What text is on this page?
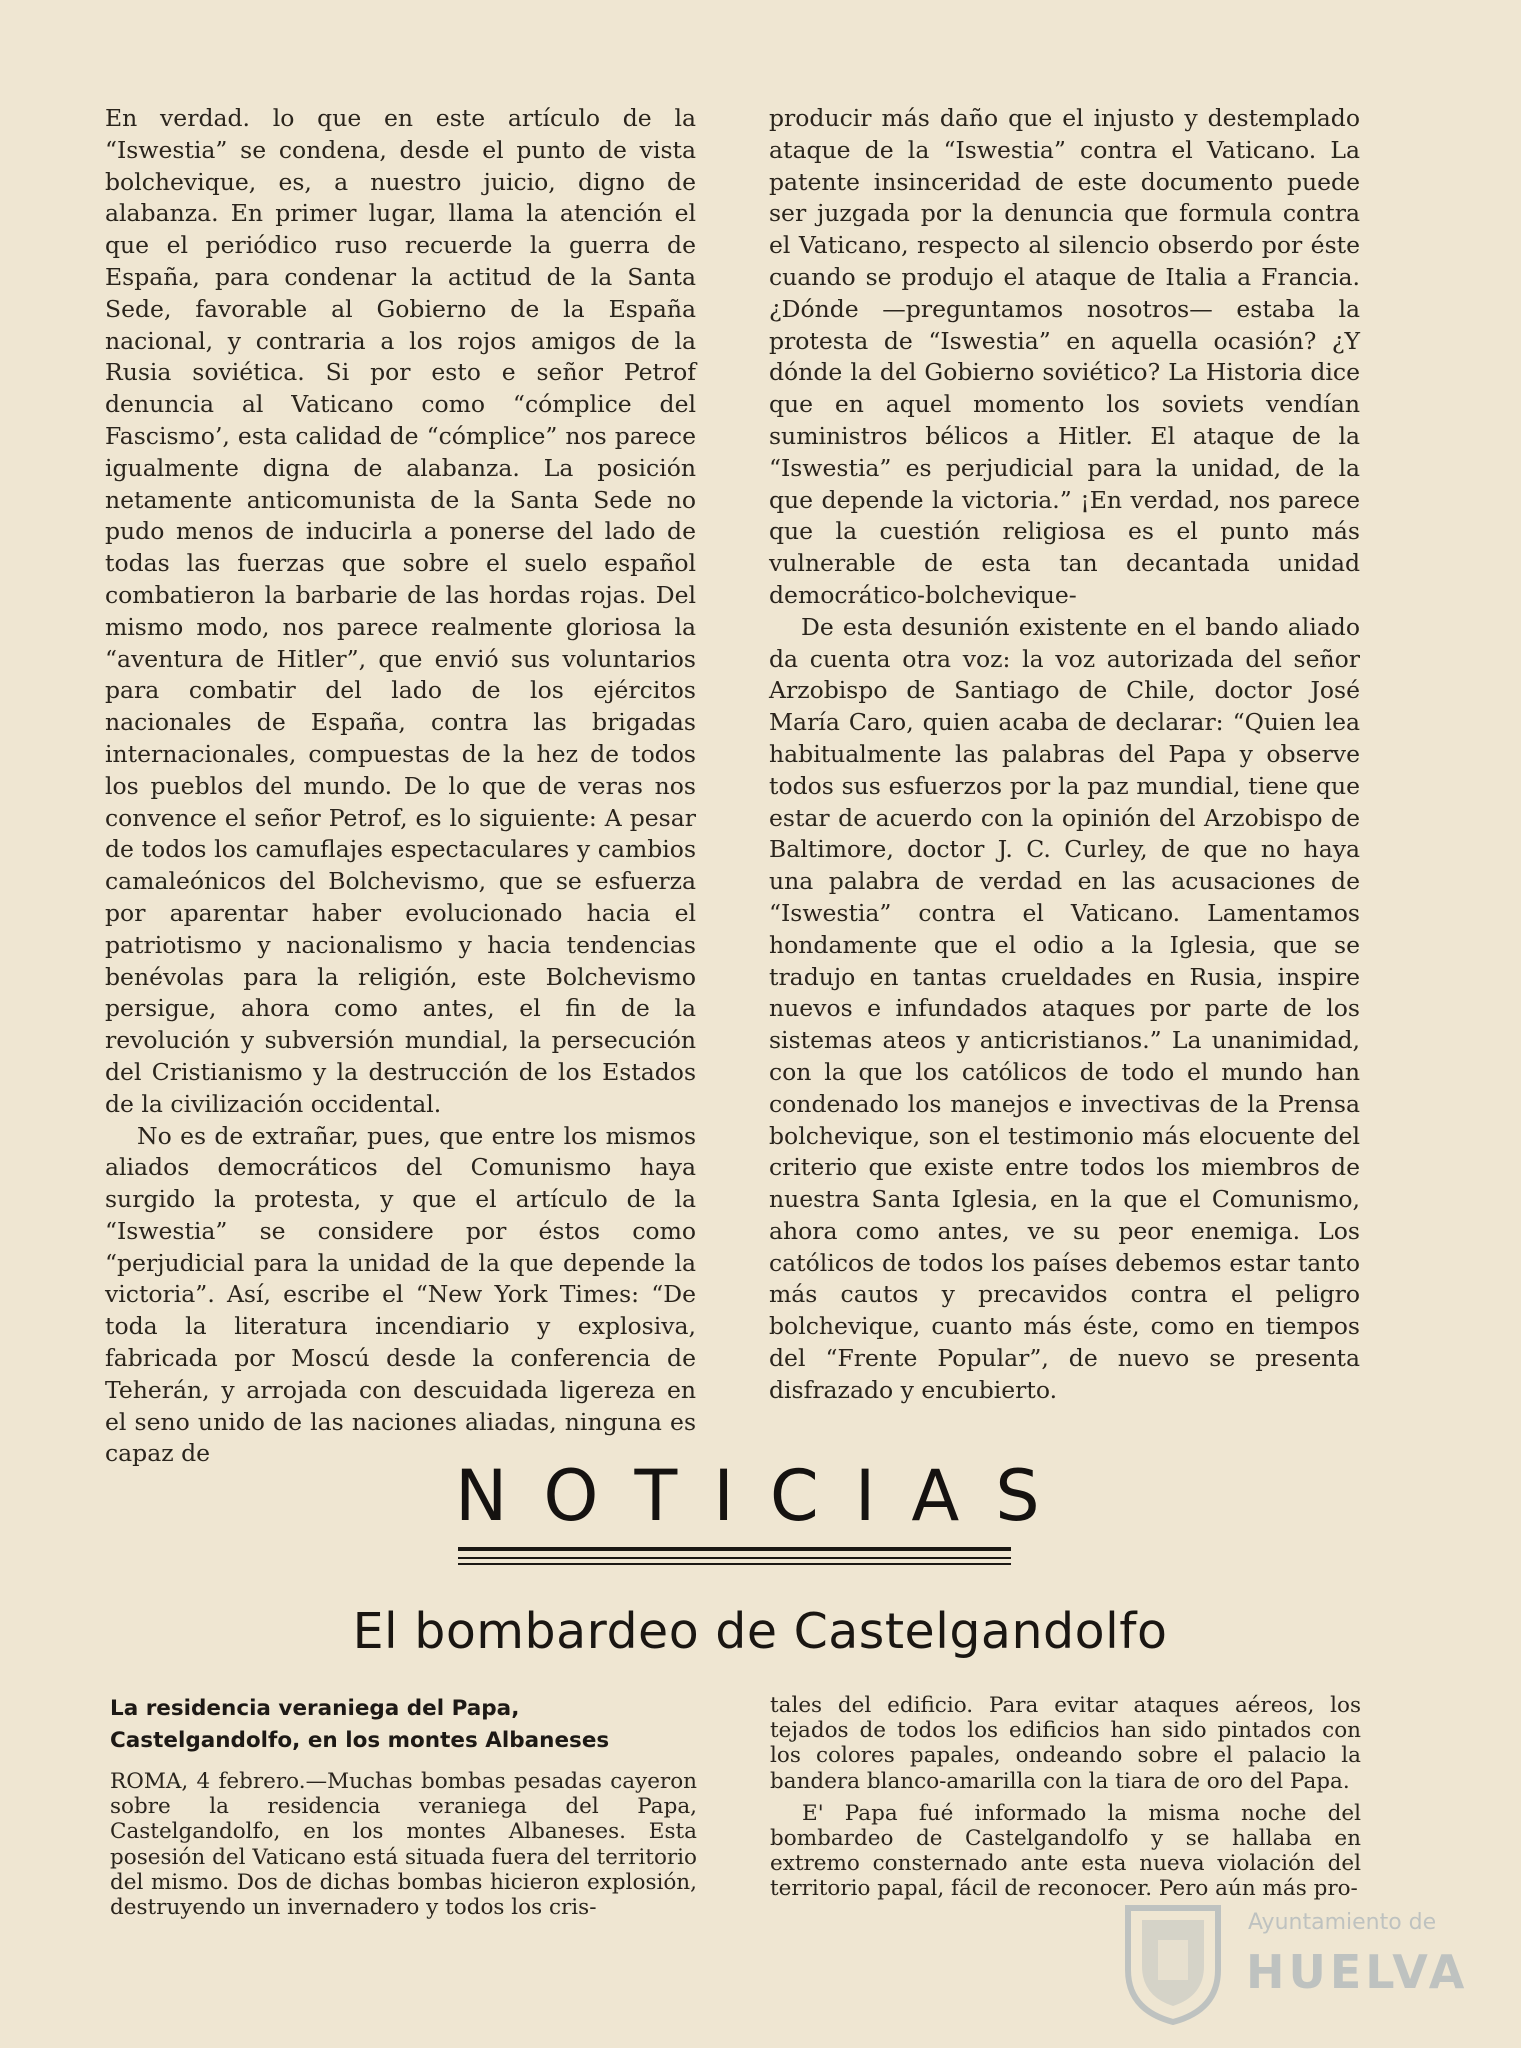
En verdad. lo que en este artículo de la “Iswestia” se condena, desde el punto de vista bolchevique, es, a nuestro juicio, digno de alabanza. En primer lugar, llama la atención el que el periódico ruso recuerde la guerra de España, para condenar la actitud de la Santa Sede, favorable al Gobierno de la España nacional, y contraria a los rojos amigos de la Rusia soviética. Si por esto e señor Petrof denuncia al Vaticano como “cómplice del Fascismo’, esta calidad de “cómplice” nos parece igualmente digna de alabanza. La posición netamente anticomunista de la Santa Sede no pudo menos de inducirla a ponerse del lado de todas las fuerzas que sobre el suelo español combatieron la barbarie de las hordas rojas. Del mismo modo, nos parece realmente gloriosa la “aventura de Hitler”, que envió sus voluntarios para combatir del lado de los ejércitos nacionales de España, contra las brigadas internacionales, compuestas de la hez de todos los pueblos del mundo. De lo que de veras nos convence el señor Petrof, es lo siguiente: A pesar de todos los camuflajes espectaculares y cambios camaleónicos del Bolchevismo, que se esfuerza por aparentar haber evolucionado hacia el patriotismo y nacionalismo y hacia tendencias benévolas para la religión, este Bolchevismo persigue, ahora como antes, el fin de la revolución y subversión mundial, la persecución del Cristianismo y la destrucción de los Estados de la civilización occidental.

No es de extrañar, pues, que entre los mismos aliados democráticos del Comunismo haya surgido la protesta, y que el artículo de la “Iswestia” se considere por éstos como “perjudicial para la unidad de la que depende la victoria”. Así, escribe el “New York Times: “De toda la literatura incendiario y explosiva, fabricada por Moscú desde la conferencia de Teherán, y arrojada con descuidada ligereza en el seno unido de las naciones aliadas, ninguna es capaz de

producir más daño que el injusto y destemplado ataque de la “Iswestia” contra el Vaticano. La patente insinceridad de este documento puede ser juzgada por la denuncia que formula contra el Vaticano, respecto al silencio obserdo por éste cuando se produjo el ataque de Italia a Francia. ¿Dónde —preguntamos nosotros— estaba la protesta de “Iswestia” en aquella ocasión? ¿Y dónde la del Gobierno soviético? La Historia dice que en aquel momento los soviets vendían suministros bélicos a Hitler. El ataque de la “Iswestia” es perjudicial para la unidad, de la que depende la victoria.” ¡En verdad, nos parece que la cuestión religiosa es el punto más vulnerable de esta tan decantada unidad democrático-bolchevique-

De esta desunión existente en el bando aliado da cuenta otra voz: la voz autorizada del señor Arzobispo de Santiago de Chile, doctor José María Caro, quien acaba de declarar: “Quien lea habitualmente las palabras del Papa y observe todos sus esfuerzos por la paz mundial, tiene que estar de acuerdo con la opinión del Arzobispo de Baltimore, doctor J. C. Curley, de que no haya una palabra de verdad en las acusaciones de “Iswestia” contra el Vaticano. Lamentamos hondamente que el odio a la Iglesia, que se tradujo en tantas crueldades en Rusia, inspire nuevos e infundados ataques por parte de los sistemas ateos y anticristianos.” La unanimidad, con la que los católicos de todo el mundo han condenado los manejos e invectivas de la Prensa bolchevique, son el testimonio más elocuente del criterio que existe entre todos los miembros de nuestra Santa Iglesia, en la que el Comunismo, ahora como antes, ve su peor enemiga. Los católicos de todos los países debemos estar tanto más cautos y precavidos contra el peligro bolchevique, cuanto más éste, como en tiempos del “Frente Popular”, de nuevo se presenta disfrazado y encubierto.

NOTICIAS
El bombardeo de Castelgandolfo
La residencia veraniega del Papa, Castelgandolfo, en los montes Albaneses

ROMA, 4 febrero.—Muchas bombas pesadas cayeron sobre la residencia veraniega del Papa, Castelgandolfo, en los montes Albaneses. Esta posesión del Vaticano está situada fuera del territorio del mismo. Dos de dichas bombas hicieron explosión, destruyendo un invernadero y todos los cris-

tales del edificio. Para evitar ataques aéreos, los tejados de todos los edificios han sido pintados con los colores papales, ondeando sobre el palacio la bandera blanco-amarilla con la tiara de oro del Papa.

E' Papa fué informado la misma noche del bombardeo de Castelgandolfo y se hallaba en extremo consternado ante esta nueva violación del territorio papal, fácil de reconocer. Pero aún más pro-

Ayuntamiento de
HUELVA
